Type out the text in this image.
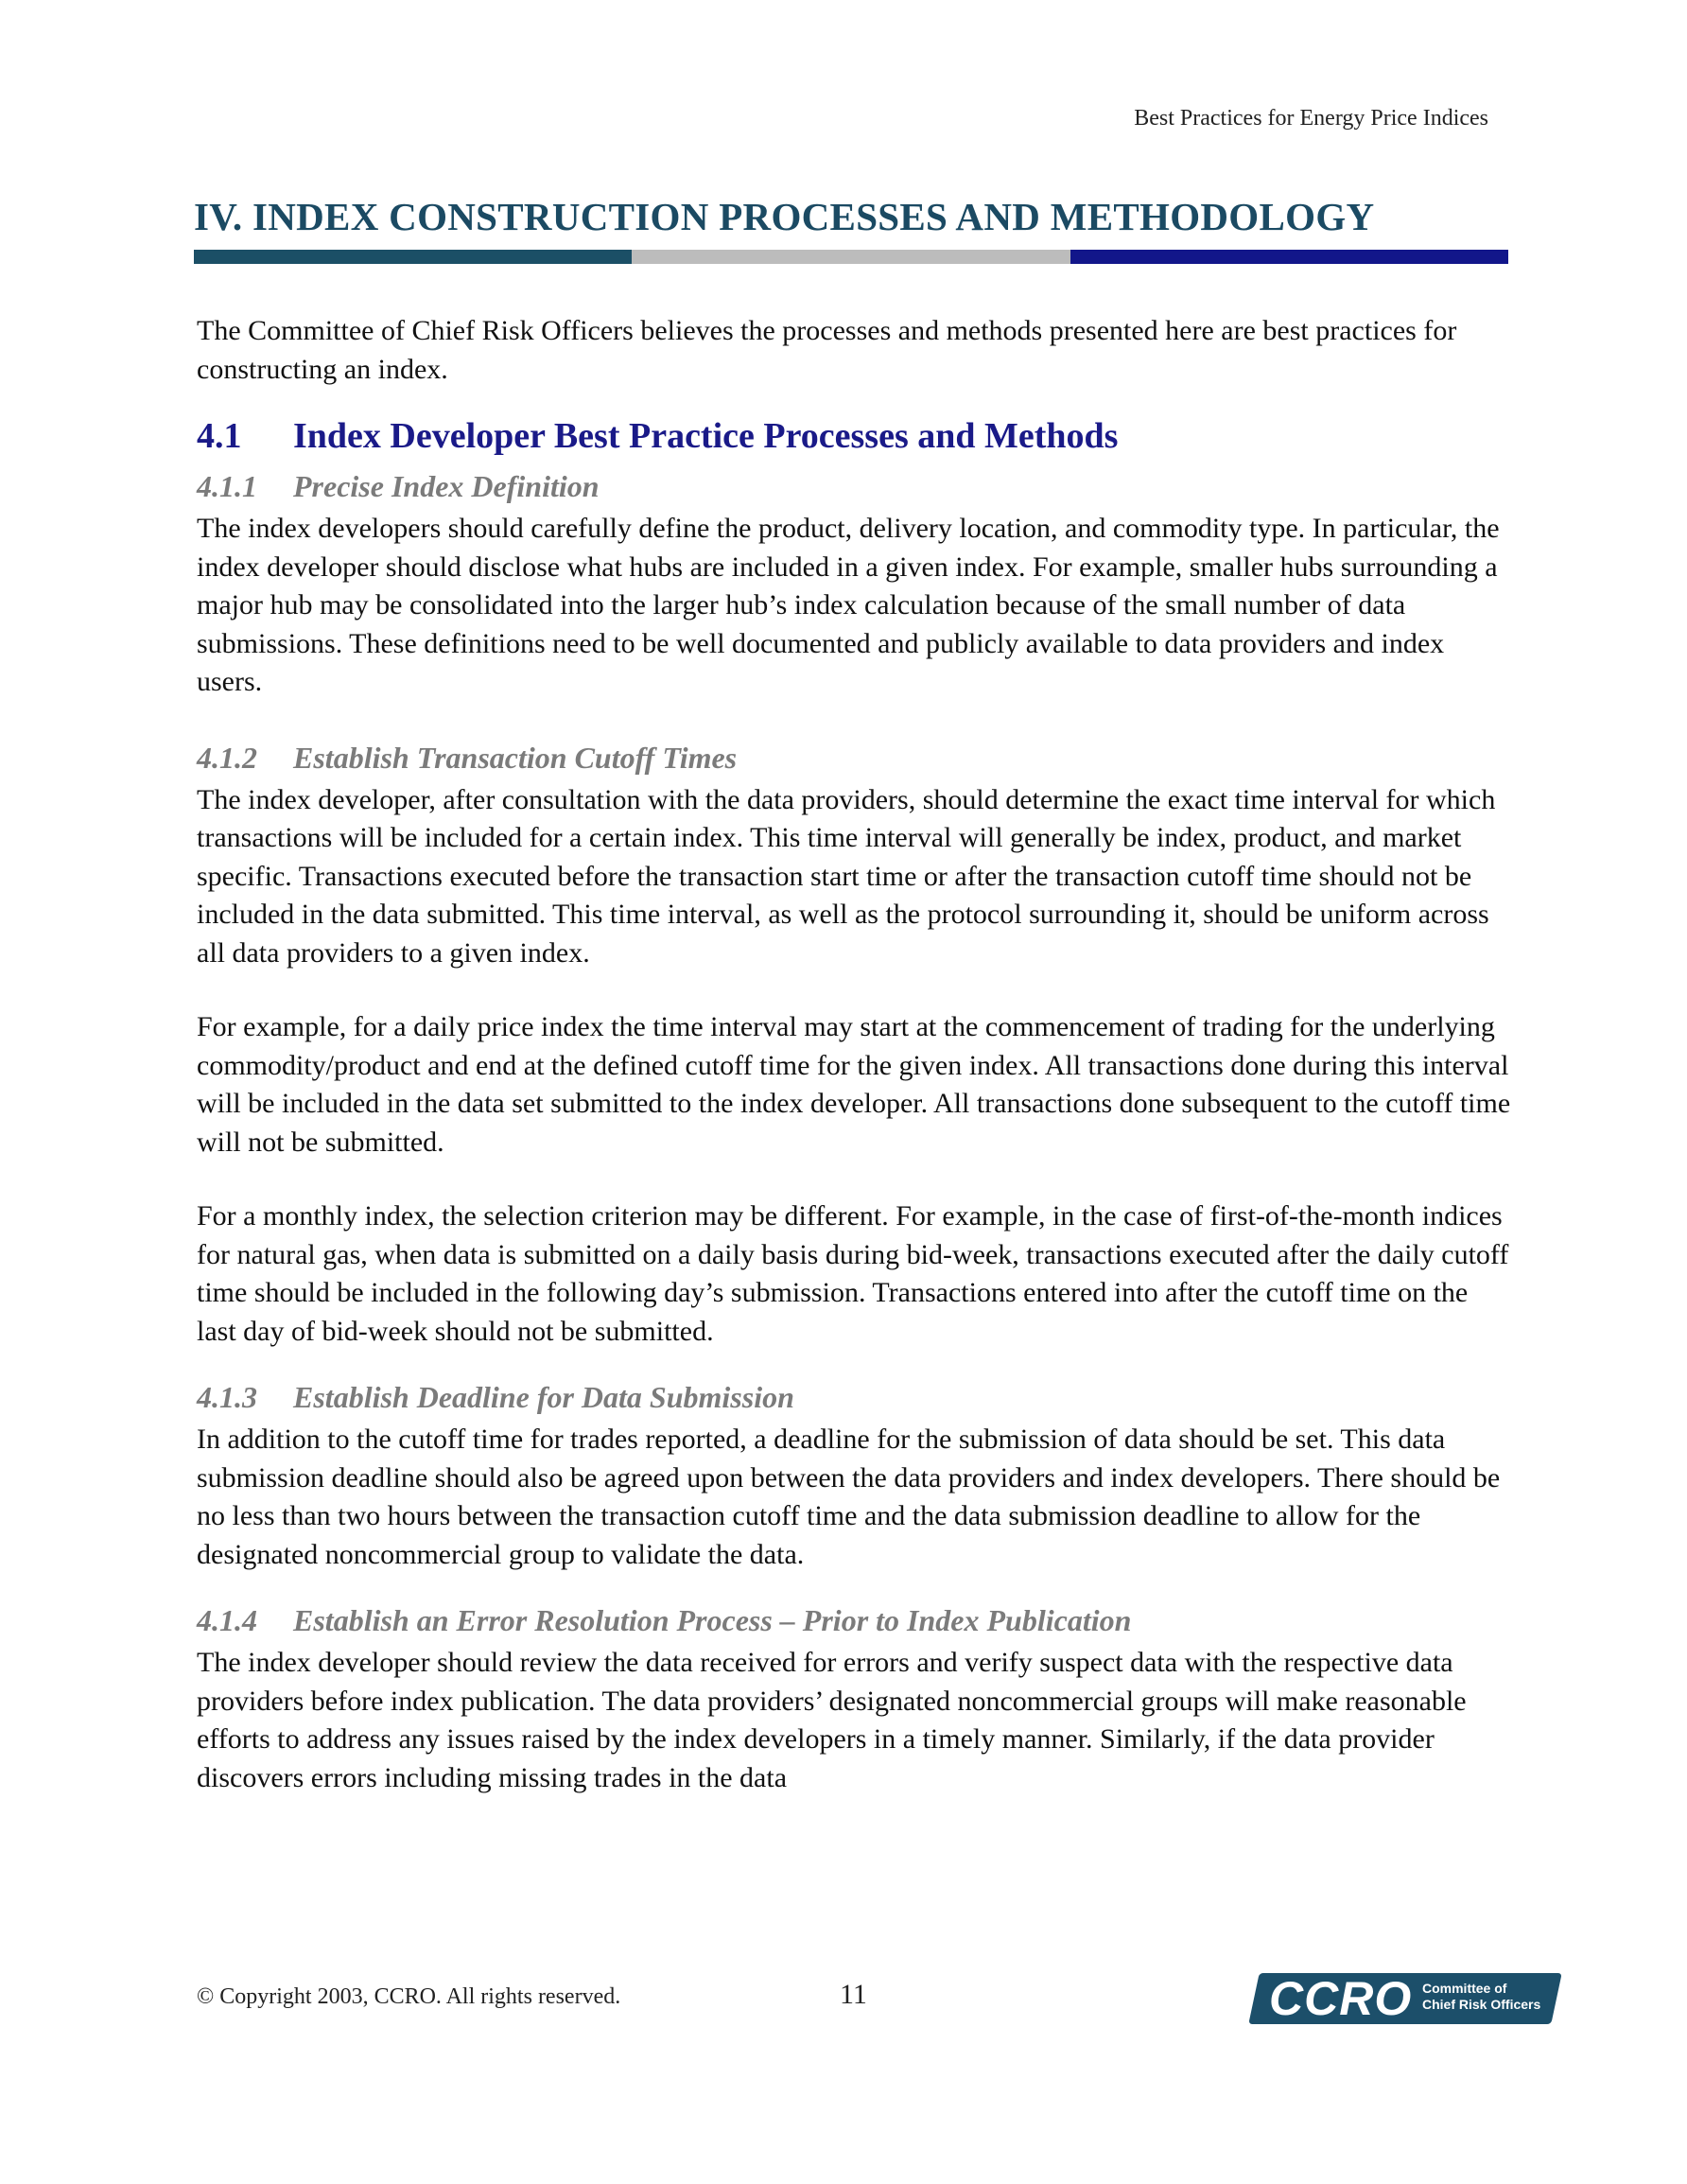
Best Practices for Energy Price Indices
IV. INDEX CONSTRUCTION PROCESSES AND METHODOLOGY

The Committee of Chief Risk Officers believes the processes and methods presented here are best practices for constructing an index.

4.1	Index Developer Best Practice Processes and Methods
4.1.1	Precise Index Definition

The index developers should carefully define the product, delivery location, and commodity type. In particular, the index developer should disclose what hubs are included in a given index. For example, smaller hubs surrounding a major hub may be consolidated into the larger hub’s index calculation because of the small number of data submissions. These definitions need to be well documented and publicly available to data providers and index users.

4.1.2	Establish Transaction Cutoff Times

The index developer, after consultation with the data providers, should determine the exact time interval for which transactions will be included for a certain index. This time interval will generally be index, product, and market specific. Transactions executed before the transaction start time or after the transaction cutoff time should not be included in the data submitted. This time interval, as well as the protocol surrounding it, should be uniform across all data providers to a given index.

For example, for a daily price index the time interval may start at the commencement of trading for the underlying commodity/product and end at the defined cutoff time for the given index. All transactions done during this interval will be included in the data set submitted to the index developer. All transactions done subsequent to the cutoff time will not be submitted.

For a monthly index, the selection criterion may be different. For example, in the case of first-of-the-month indices for natural gas, when data is submitted on a daily basis during bid-week, transactions executed after the daily cutoff time should be included in the following day’s submission. Transactions entered into after the cutoff time on the last day of bid-week should not be submitted.

4.1.3	Establish Deadline for Data Submission

In addition to the cutoff time for trades reported, a deadline for the submission of data should be set. This data submission deadline should also be agreed upon between the data providers and index developers. There should be no less than two hours between the transaction cutoff time and the data submission deadline to allow for the designated noncommercial group to validate the data.

4.1.4	Establish an Error Resolution Process – Prior to Index Publication

The index developer should review the data received for errors and verify suspect data with the respective data providers before index publication. The data providers’ designated noncommercial groups will make reasonable efforts to address any issues raised by the index developers in a timely manner. Similarly, if the data provider discovers errors including missing trades in the data

© Copyright 2003, CCRO. All rights reserved.	11	CCRO Committee of
Chief Risk Officers
